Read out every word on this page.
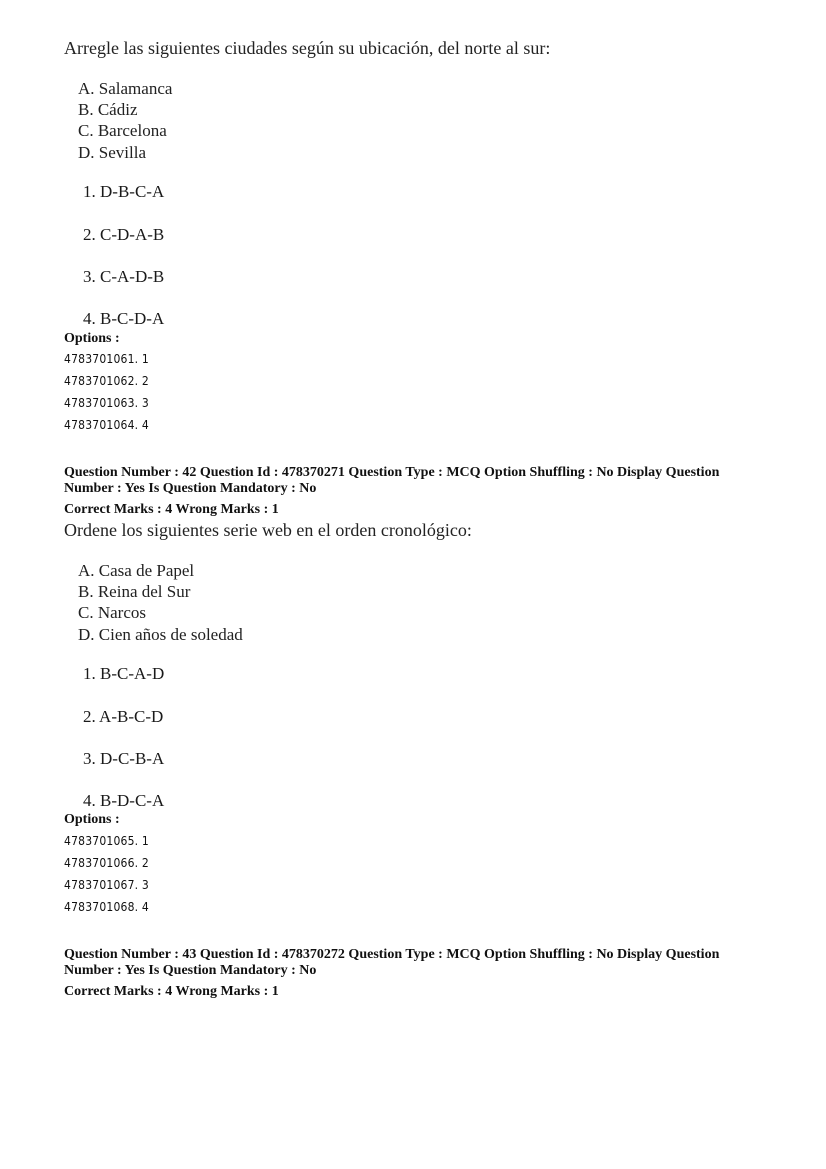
Arregle las siguientes ciudades según su ubicación, del norte al sur:
A. Salamanca
B. Cádiz
C. Barcelona
D. Sevilla
1. D-B-C-A
2. C-D-A-B
3. C-A-D-B
4. B-C-D-A
Options :
4783701061. 1
4783701062. 2
4783701063. 3
4783701064. 4
Question Number : 42 Question Id : 478370271 Question Type : MCQ Option Shuffling : No Display Question Number : Yes Is Question Mandatory : No
Correct Marks : 4 Wrong Marks : 1
Ordene los siguientes serie web en el orden cronológico:
A. Casa de Papel
B. Reina del Sur
C. Narcos
D. Cien años de soledad
1. B-C-A-D
2. A-B-C-D
3. D-C-B-A
4. B-D-C-A
Options :
4783701065. 1
4783701066. 2
4783701067. 3
4783701068. 4
Question Number : 43 Question Id : 478370272 Question Type : MCQ Option Shuffling : No Display Question Number : Yes Is Question Mandatory : No
Correct Marks : 4 Wrong Marks : 1
